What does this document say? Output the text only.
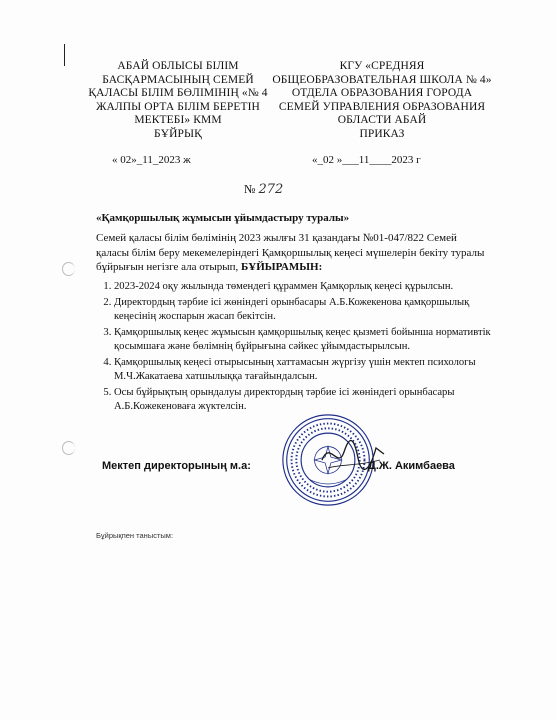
АБАЙ ОБЛЫСЫ БІЛІМ
БАСҚАРМАСЫНЫҢ СЕМЕЙ
ҚАЛАСЫ БІЛІМ БӨЛІМІНІҢ «№ 4
ЖАЛПЫ ОРТА БІЛІМ БЕРЕТІН
МЕКТЕБІ» КММ
БҰЙРЫҚ
КГУ «СРЕДНЯЯ
ОБЩЕОБРАЗОВАТЕЛЬНАЯ ШКОЛА № 4»
ОТДЕЛА ОБРАЗОВАНИЯ ГОРОДА
СЕМЕЙ УПРАВЛЕНИЯ ОБРАЗОВАНИЯ
ОБЛАСТИ АБАЙ
ПРИКАЗ
« 02»_11_2023 ж	«_02 »___11____2023 г
№ 272
«Қамқоршылық жұмысын ұйымдастыру туралы»
Семей қаласы білім бөлімінің 2023 жылғы 31 қазандағы №01-047/822 Семей қаласы білім беру мекемелеріндегі Қамқоршылық кеңесі мүшелерін бекіту туралы бұйрығын негізге ала отырып, БҰЙЫРАМЫН:
1. 2023-2024 оқу жылында төмендегі құраммен Қамқорлық кеңесі құрылсын.
2. Директордың тәрбие ісі жөніндегі орынбасары А.Б.Кожекенова қамқоршылық кеңесінің жоспарын жасап бекітсін.
3. Қамқоршылық кеңес жұмысын қамқоршылық кеңес қызметі бойынша нормативтік қосымшаға және бөлімнің бұйрығына сәйкес ұйымдастырылсын.
4. Қамқоршылық кеңесі отырысының хаттамасын жүргізу үшін мектеп психологы М.Ч.Жакатаева хатшылыққа тағайындалсын.
5. Осы бұйрықтың орындалуы директордың тәрбие ісі жөніндегі орынбасары А.Б.Кожекеноваға жүктелсін.
Мектеп директорының м.а:	Д.Ж. Акимбаева
Бұйрықпен таныстым:
